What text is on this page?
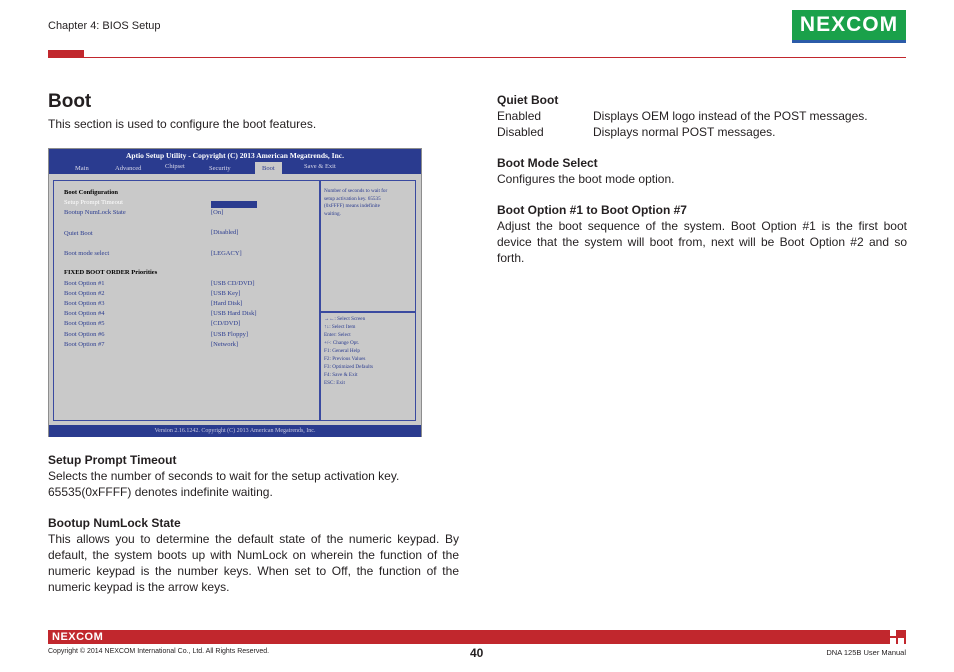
Chapter 4: BIOS Setup	NEXCOM
Boot
This section is used to configure the boot features.
Aptio Setup Utility - Copyright (C) 2013 American Megatrends, Inc.
Main	Advanced	Chipset	Security	Boot	Save & Exit
Boot Configuration
Setup Prompt Timeout	1
Bootup NumLock State	[On]
Quiet Boot	[Disabled]
Boot mode select	[LEGACY]
FIXED BOOT ORDER Priorities
Boot Option #1	[USB CD/DVD]
Boot Option #2	[USB Key]
Boot Option #3	[Hard Disk]
Boot Option #4	[USB Hard Disk]
Boot Option #5	[CD/DVD]
Boot Option #6	[USB Floppy]
Boot Option #7	[Network]
Number of seconds to wait for
setup activation key. 65535
(0xFFFF) means indefinite
waiting.
→←: Select Screen
↑↓: Select Item
Enter: Select
+/-: Change Opt.
F1: General Help
F2: Previous Values
F3: Optimized Defaults
F4: Save & Exit
ESC: Exit
Version 2.16.1242. Copyright (C) 2013 American Megatrends, Inc.
Setup Prompt Timeout
Selects the number of seconds to wait for the setup activation key. 65535(0xFFFF) denotes indefinite waiting.
Bootup NumLock State
This allows you to determine the default state of the numeric keypad. By default, the system boots up with NumLock on wherein the function of the numeric keypad is the number keys. When set to Off, the function of the numeric keypad is the arrow keys.
Quiet Boot
Enabled	Displays OEM logo instead of the POST messages.
Disabled	Displays normal POST messages.
Boot Mode Select
Configures the boot mode option.
Boot Option #1 to Boot Option #7
Adjust the boot sequence of the system. Boot Option #1 is the first boot device that the system will boot from, next will be Boot Option #2 and so forth.
NEXCOM
Copyright © 2014 NEXCOM International Co., Ltd. All Rights Reserved.	40	DNA 125B User Manual
